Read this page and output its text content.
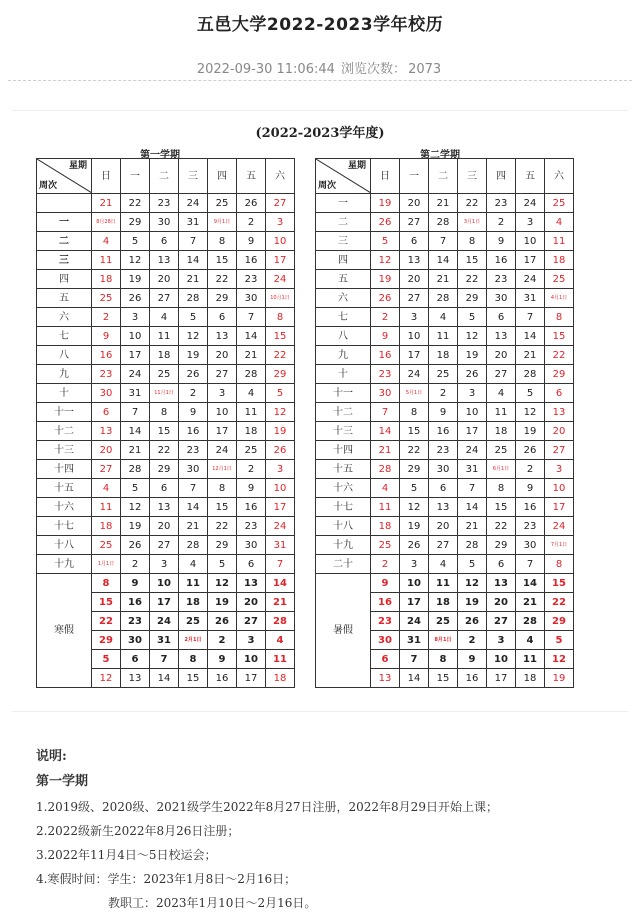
五邑大学2022-2023学年校历
2022-09-30 11:06:44 浏览次数： 2073
(2022-2023学年度)
第一学期	第二学期
星期
周次	日	一	二	三	四	五	六
	21	22	23	24	25	26	27
一	8月28日	29	30	31	9月1日	2	3
二	4	5	6	7	8	9	10
三	11	12	13	14	15	16	17
四	18	19	20	21	22	23	24
五	25	26	27	28	29	30	10月1日
六	2	3	4	5	6	7	8
七	9	10	11	12	13	14	15
八	16	17	18	19	20	21	22
九	23	24	25	26	27	28	29
十	30	31	11月1日	2	3	4	5
十一	6	7	8	9	10	11	12
十二	13	14	15	16	17	18	19
十三	20	21	22	23	24	25	26
十四	27	28	29	30	12月1日	2	3
十五	4	5	6	7	8	9	10
十六	11	12	13	14	15	16	17
十七	18	19	20	21	22	23	24
十八	25	26	27	28	29	30	31
十九	1月1日	2	3	4	5	6	7
寒假	8	9	10	11	12	13	14
	15	16	17	18	19	20	21
	22	23	24	25	26	27	28
	29	30	31	2月1日	2	3	4
	5	6	7	8	9	10	11
	12	13	14	15	16	17	18
星期
周次	日	一	二	三	四	五	六
一	19	20	21	22	23	24	25
二	26	27	28	3月1日	2	3	4
三	5	6	7	8	9	10	11
四	12	13	14	15	16	17	18
五	19	20	21	22	23	24	25
六	26	27	28	29	30	31	4月1日
七	2	3	4	5	6	7	8
八	9	10	11	12	13	14	15
九	16	17	18	19	20	21	22
十	23	24	25	26	27	28	29
十一	30	5月1日	2	3	4	5	6
十二	7	8	9	10	11	12	13
十三	14	15	16	17	18	19	20
十四	21	22	23	24	25	26	27
十五	28	29	30	31	6月1日	2	3
十六	4	5	6	7	8	9	10
十七	11	12	13	14	15	16	17
十八	18	19	20	21	22	23	24
十九	25	26	27	28	29	30	7月1日
二十	2	3	4	5	6	7	8
暑假	9	10	11	12	13	14	15
	16	17	18	19	20	21	22
	23	24	25	26	27	28	29
	30	31	8月1日	2	3	4	5
	6	7	8	9	10	11	12
	13	14	15	16	17	18	19
说明:
第一学期
1.2019级、2020级、2021级学生2022年8月27日注册，2022年8月29日开始上课；
2.2022级新生2022年8月26日注册；
3.2022年11月4日～5日校运会；
4.寒假时间：学生：2023年1月8日～2月16日；
教职工：2023年1月10日～2月16日。
